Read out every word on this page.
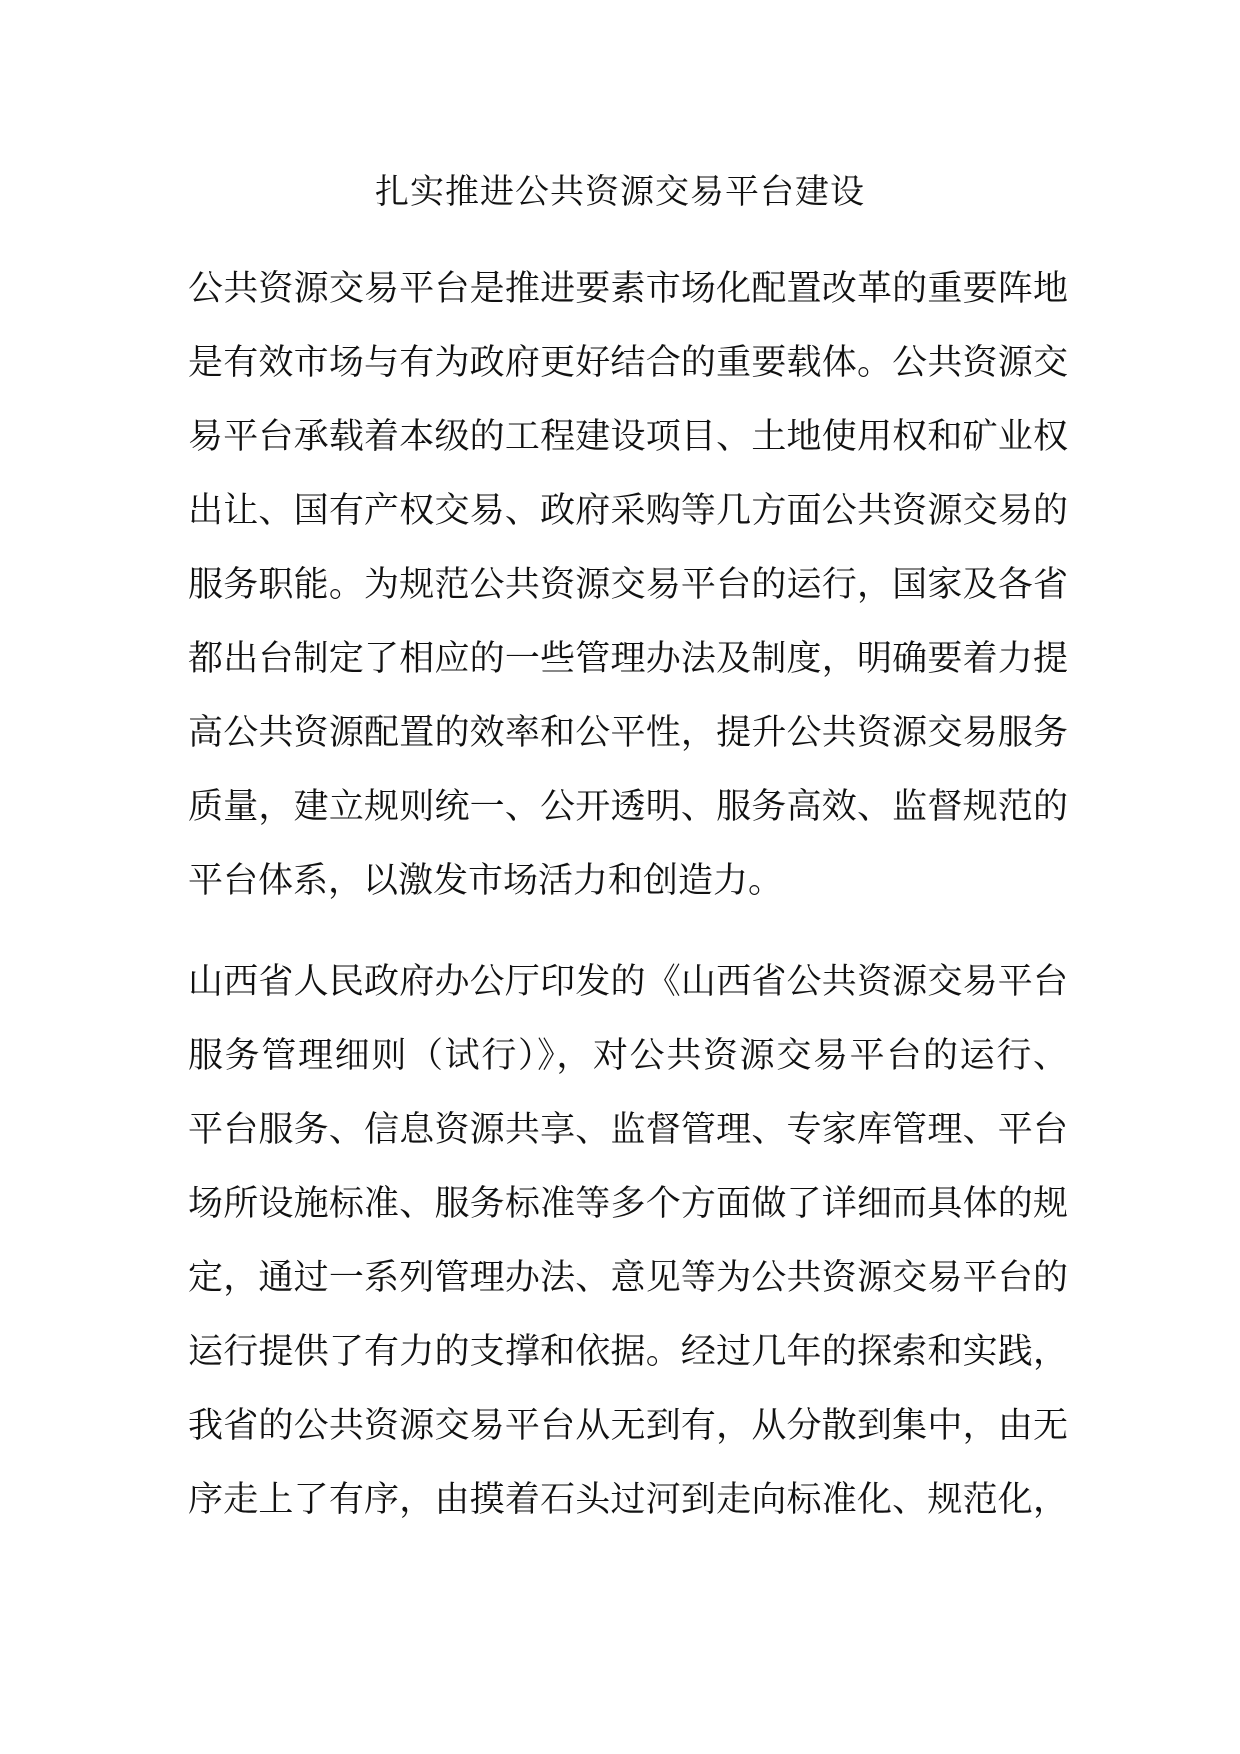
扎实推进公共资源交易平台建设
公共资源交易平台是推进要素市场化配置改革的重要阵地
是有效市场与有为政府更好结合的重要载体。公共资源交
易平台承载着本级的工程建设项目、土地使用权和矿业权
出让、国有产权交易、政府采购等几方面公共资源交易的
服务职能。为规范公共资源交易平台的运行，国家及各省
都出台制定了相应的一些管理办法及制度，明确要着力提
高公共资源配置的效率和公平性，提升公共资源交易服务
质量，建立规则统一、公开透明、服务高效、监督规范的
平台体系，以激发市场活力和创造力。
山西省人民政府办公厅印发的《山西省公共资源交易平台
服务管理细则（试行）》，对公共资源交易平台的运行、
平台服务、信息资源共享、监督管理、专家库管理、平台
场所设施标准、服务标准等多个方面做了详细而具体的规
定，通过一系列管理办法、意见等为公共资源交易平台的
运行提供了有力的支撑和依据。经过几年的探索和实践，
我省的公共资源交易平台从无到有，从分散到集中，由无
序走上了有序，由摸着石头过河到走向标准化、规范化，
